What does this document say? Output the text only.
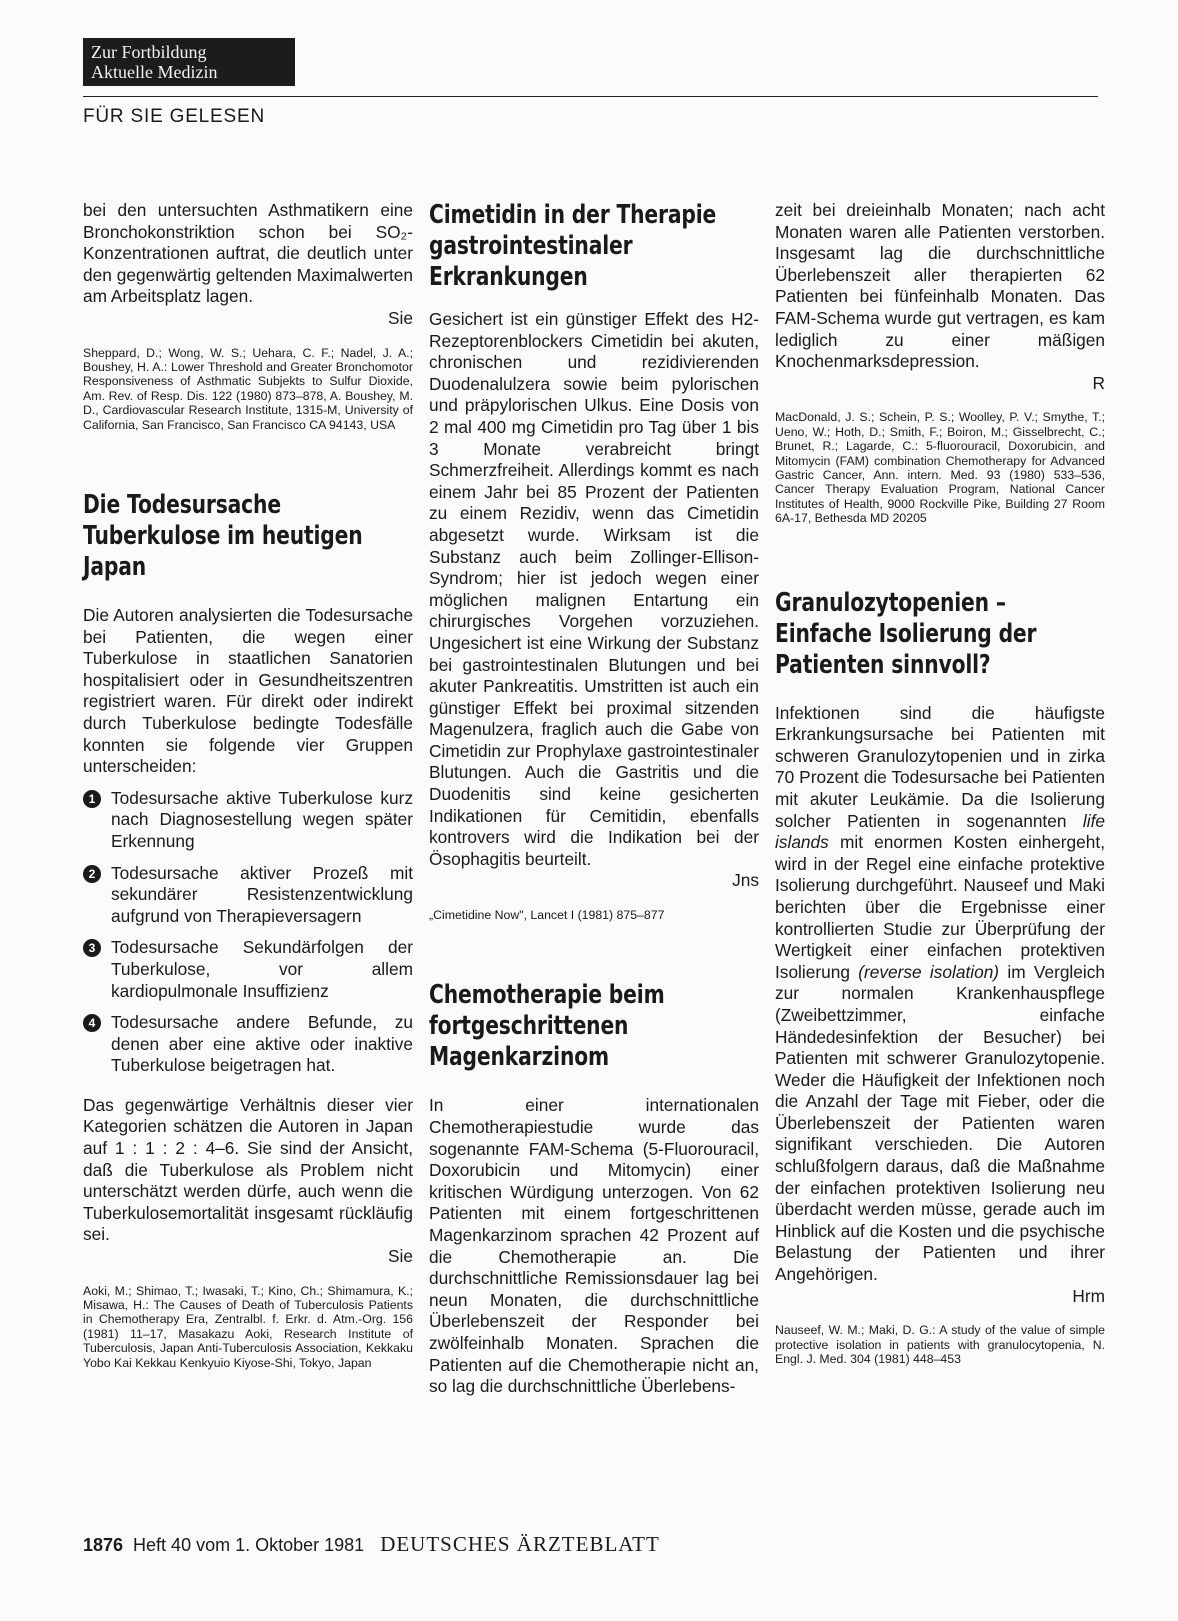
Zur Fortbildung
Aktuelle Medizin
FÜR SIE GELESEN

bei den untersuchten Asthmatikern eine Bronchokonstriktion schon bei SO₂-Konzentrationen auftrat, die deutlich unter den gegenwärtig geltenden Maximalwerten am Arbeitsplatz lagen.
Sie

Sheppard, D.; Wong, W. S.; Uehara, C. F.; Nadel, J. A.; Boushey, H. A.: Lower Threshold and Greater Bronchomotor Responsiveness of Asthmatic Subjekts to Sulfur Dioxide, Am. Rev. of Resp. Dis. 122 (1980) 873–878, A. Boushey, M. D., Cardiovascular Research Institute, 1315-M, University of California, San Francisco, San Francisco CA 94143, USA

Die Todesursache Tuberkulose im heutigen Japan

Die Autoren analysierten die Todesursache bei Patienten, die wegen einer Tuberkulose in staatlichen Sanatorien hospitalisiert oder in Gesundheitszentren registriert waren. Für direkt oder indirekt durch Tuberkulose bedingte Todesfälle konnten sie folgende vier Gruppen unterscheiden:

1 Todesursache aktive Tuberkulose kurz nach Diagnosestellung wegen später Erkennung
2 Todesursache aktiver Prozeß mit sekundärer Resistenzentwicklung aufgrund von Therapieversagern
3 Todesursache Sekundärfolgen der Tuberkulose, vor allem kardiopulmonale Insuffizienz
4 Todesursache andere Befunde, zu denen aber eine aktive oder inaktive Tuberkulose beigetragen hat.

Das gegenwärtige Verhältnis dieser vier Kategorien schätzen die Autoren in Japan auf 1 : 1 : 2 : 4–6. Sie sind der Ansicht, daß die Tuberkulose als Problem nicht unterschätzt werden dürfe, auch wenn die Tuberkulosemortalität insgesamt rückläufig sei.
Sie

Aoki, M.; Shimao, T.; Iwasaki, T.; Kino, Ch.; Shimamura, K.; Misawa, H.: The Causes of Death of Tuberculosis Patients in Chemotherapy Era, Zentralbl. f. Erkr. d. Atm.-Org. 156 (1981) 11–17, Masakazu Aoki, Research Institute of Tuberculosis, Japan Anti-Tuberculosis Association, Kekkaku Yobo Kai Kekkau Kenkyuio Kiyose-Shi, Tokyo, Japan

Cimetidin in der Therapie gastrointestinaler Erkrankungen

Gesichert ist ein günstiger Effekt des H2-Rezeptorenblockers Cimetidin bei akuten, chronischen und rezidivierenden Duodenalulzera sowie beim pylorischen und präpylorischen Ulkus. Eine Dosis von 2 mal 400 mg Cimetidin pro Tag über 1 bis 3 Monate verabreicht bringt Schmerzfreiheit. Allerdings kommt es nach einem Jahr bei 85 Prozent der Patienten zu einem Rezidiv, wenn das Cimetidin abgesetzt wurde. Wirksam ist die Substanz auch beim Zollinger-Ellison-Syndrom; hier ist jedoch wegen einer möglichen malignen Entartung ein chirurgisches Vorgehen vorzuziehen. Ungesichert ist eine Wirkung der Substanz bei gastrointestinalen Blutungen und bei akuter Pankreatitis. Umstritten ist auch ein günstiger Effekt bei proximal sitzenden Magenulzera, fraglich auch die Gabe von Cimetidin zur Prophylaxe gastrointestinaler Blutungen. Auch die Gastritis und die Duodenitis sind keine gesicherten Indikationen für Cemitidin, ebenfalls kontrovers wird die Indikation bei der Ösophagitis beurteilt.
Jns

„Cimetidine Now", Lancet I (1981) 875–877

Chemotherapie beim fortgeschrittenen Magenkarzinom

In einer internationalen Chemotherapiestudie wurde das sogenannte FAM-Schema (5-Fluorouracil, Doxorubicin und Mitomycin) einer kritischen Würdigung unterzogen. Von 62 Patienten mit einem fortgeschrittenen Magenkarzinom sprachen 42 Prozent auf die Chemotherapie an. Die durchschnittliche Remissionsdauer lag bei neun Monaten, die durchschnittliche Überlebenszeit der Responder bei zwölfeinhalb Monaten. Sprachen die Patienten auf die Chemotherapie nicht an, so lag die durchschnittliche Überlebens-

zeit bei dreieinhalb Monaten; nach acht Monaten waren alle Patienten verstorben. Insgesamt lag die durchschnittliche Überlebenszeit aller therapierten 62 Patienten bei fünfeinhalb Monaten. Das FAM-Schema wurde gut vertragen, es kam lediglich zu einer mäßigen Knochenmarksdepression.
R

MacDonald, J. S.; Schein, P. S.; Woolley, P. V.; Smythe, T.; Ueno, W.; Hoth, D.; Smith, F.; Boiron, M.; Gisselbrecht, C.; Brunet, R.; Lagarde, C.: 5-fluorouracil, Doxorubicin, and Mitomycin (FAM) combination Chemotherapy for Advanced Gastric Cancer, Ann. intern. Med. 93 (1980) 533–536, Cancer Therapy Evaluation Program, National Cancer Institutes of Health, 9000 Rockville Pike, Building 27 Room 6A-17, Bethesda MD 20205

Granulozytopenien – Einfache Isolierung der Patienten sinnvoll?

Infektionen sind die häufigste Erkrankungsursache bei Patienten mit schweren Granulozytopenien und in zirka 70 Prozent die Todesursache bei Patienten mit akuter Leukämie. Da die Isolierung solcher Patienten in sogenannten life islands mit enormen Kosten einhergeht, wird in der Regel eine einfache protektive Isolierung durchgeführt. Nauseef und Maki berichten über die Ergebnisse einer kontrollierten Studie zur Überprüfung der Wertigkeit einer einfachen protektiven Isolierung (reverse isolation) im Vergleich zur normalen Krankenhauspflege (Zweibettzimmer, einfache Händedesinfektion der Besucher) bei Patienten mit schwerer Granulozytopenie. Weder die Häufigkeit der Infektionen noch die Anzahl der Tage mit Fieber, oder die Überlebenszeit der Patienten waren signifikant verschieden. Die Autoren schlußfolgern daraus, daß die Maßnahme der einfachen protektiven Isolierung neu überdacht werden müsse, gerade auch im Hinblick auf die Kosten und die psychische Belastung der Patienten und ihrer Angehörigen.
Hrm

Nauseef, W. M.; Maki, D. G.: A study of the value of simple protective isolation in patients with granulocytopenia, N. Engl. J. Med. 304 (1981) 448–453

1876 Heft 40 vom 1. Oktober 1981 DEUTSCHES ÄRZTEBLATT
